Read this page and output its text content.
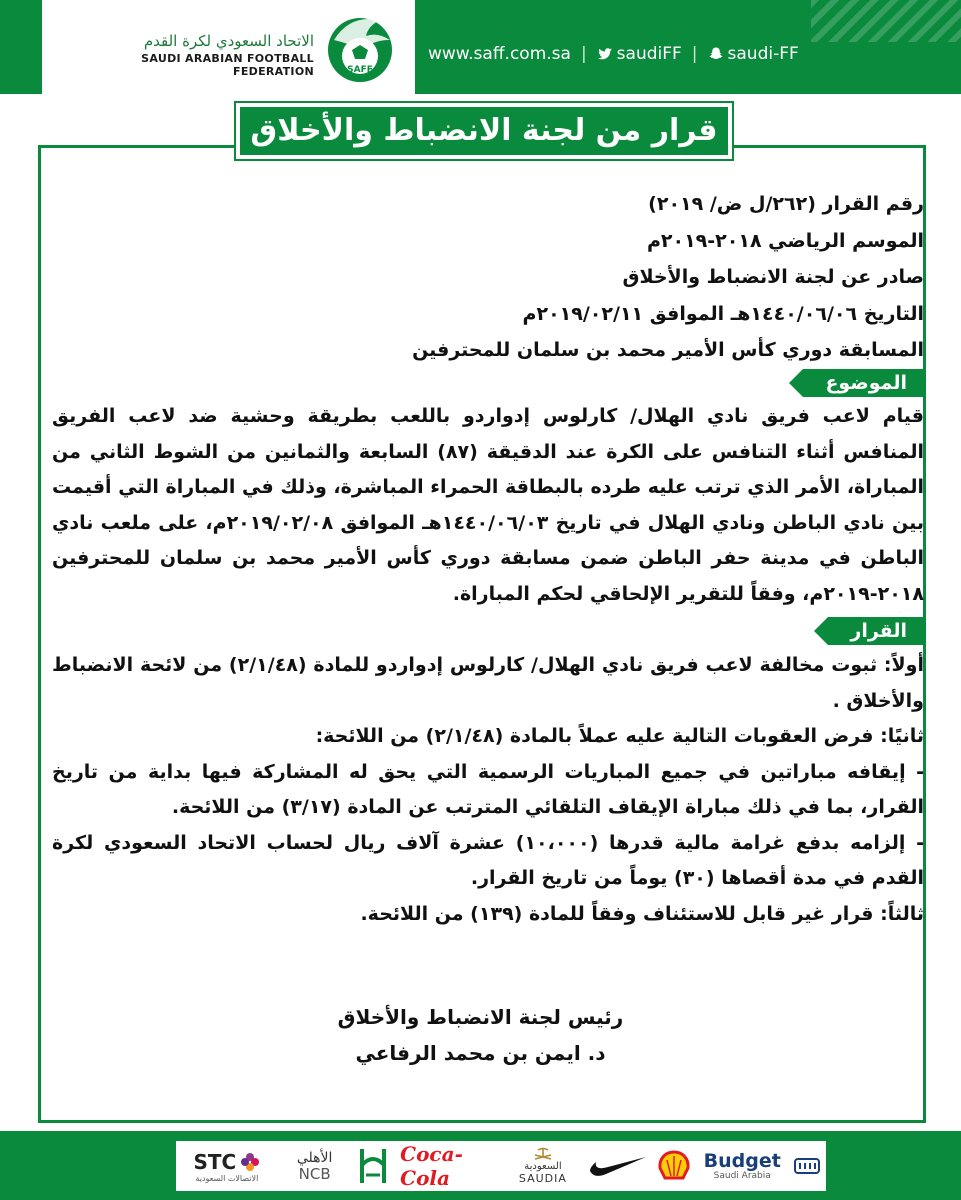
الاتحاد السعودي لكرة القدم
SAUDI ARABIAN FOOTBALL FEDERATION	SAFF
www.saff.com.sa |	saudiFF |	saudi-FF
قرار من لجنة الانضباط والأخلاق
رقم القرار (٢٦٢/ل ض/ ٢٠١٩)
الموسم الرياضي ٢٠١٨-٢٠١٩م
صادر عن لجنة الانضباط والأخلاق
التاريخ ١٤٤٠/٠٦/٠٦هـ الموافق ٢٠١٩/٠٢/١١م
المسابقة دوري كأس الأمير محمد بن سلمان للمحترفين
الموضوع
قيام لاعب فريق نادي الهلال/ كارلوس إدواردو باللعب بطريقة وحشية ضد لاعب الفريق المنافس أثناء التنافس على الكرة عند الدقيقة (٨٧) السابعة والثمانين من الشوط الثاني من المباراة، الأمر الذي ترتب عليه طرده بالبطاقة الحمراء المباشرة، وذلك في المباراة التي أقيمت بين نادي الباطن ونادي الهلال في تاريخ ١٤٤٠/٠٦/٠٣هـ الموافق ٢٠١٩/٠٢/٠٨م، على ملعب نادي الباطن في مدينة حفر الباطن ضمن مسابقة دوري كأس الأمير محمد بن سلمان للمحترفين ٢٠١٨-٢٠١٩م، وفقاً للتقرير الإلحاقي لحكم المباراة.
القرار
أولاً: ثبوت مخالفة لاعب فريق نادي الهلال/ كارلوس إدواردو للمادة (٢/١/٤٨) من لائحة الانضباط والأخلاق .
ثانيًا: فرض العقوبات التالية عليه عملاً بالمادة (٢/١/٤٨) من اللائحة:
- إيقافه مباراتين في جميع المباريات الرسمية التي يحق له المشاركة فيها بداية من تاريخ القرار، بما في ذلك مباراة الإيقاف التلقائي المترتب عن المادة (٣/١٧) من اللائحة.
- إلزامه بدفع غرامة مالية قدرها (١٠،٠٠٠) عشرة آلاف ريال لحساب الاتحاد السعودي لكرة القدم في مدة أقصاها (٣٠) يوماً من تاريخ القرار.
ثالثاً: قرار غير قابل للاستئناف وفقاً للمادة (١٣٩) من اللائحة.
رئيس لجنة الانضباط والأخلاق
د. ايمن بن محمد الرفاعي
STC
الاتصالات السعودية
الأهلي
NCB
Coca-Cola	السعودية
SAUDIA
Budget
Saudi Arabia
